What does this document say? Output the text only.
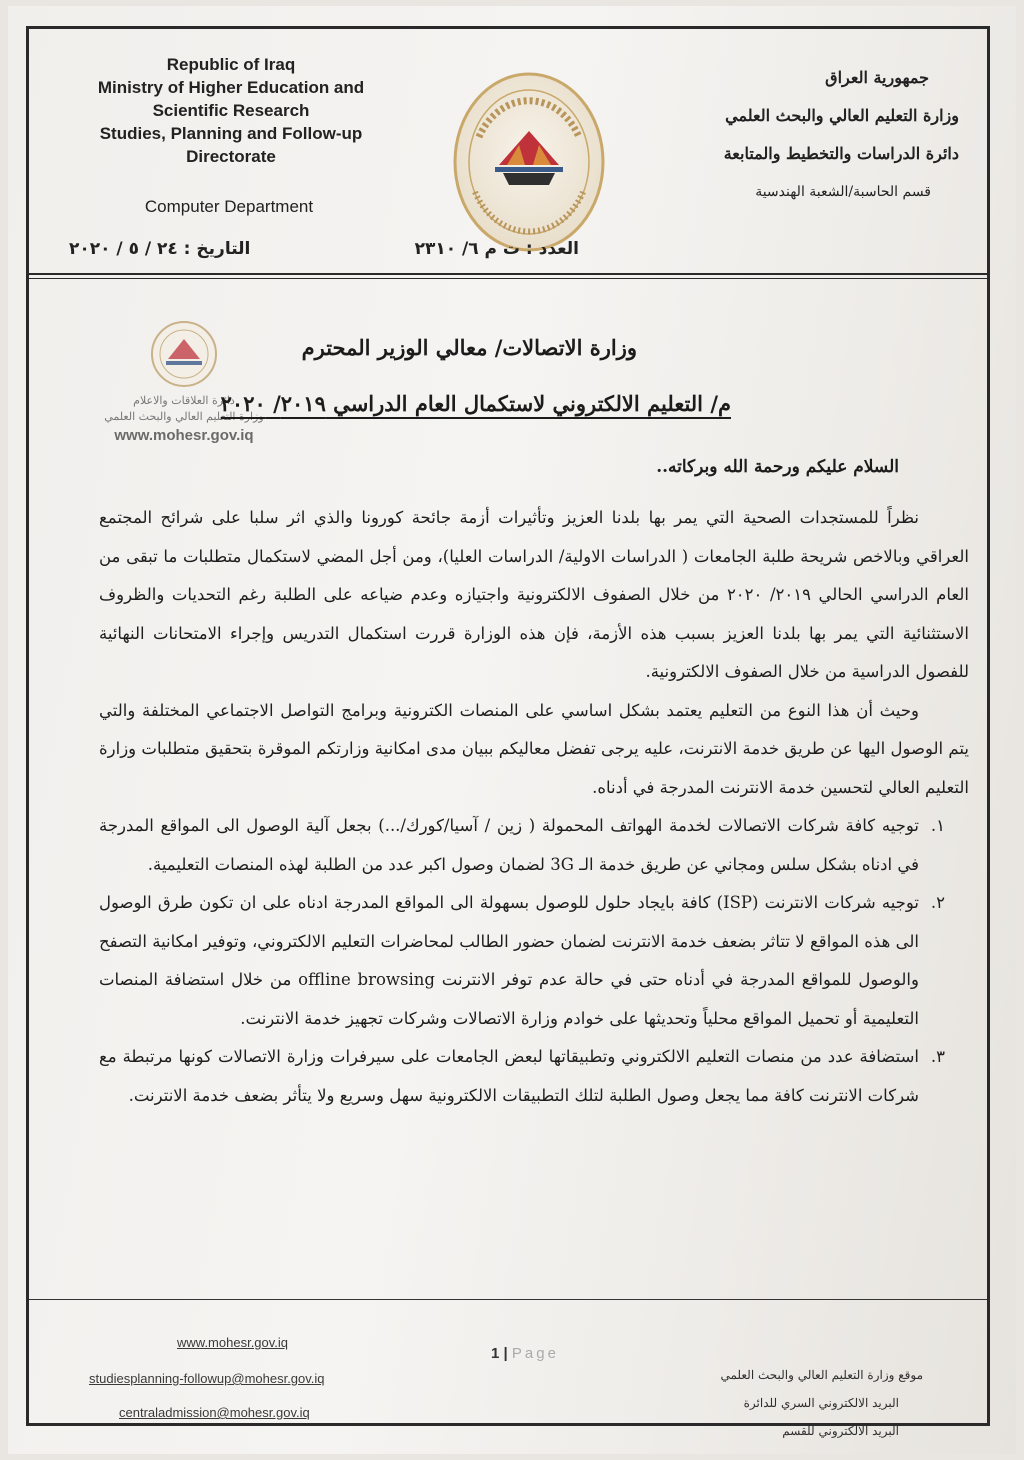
Republic of Iraq
Ministry of Higher Education and
Scientific Research
Studies, Planning and Follow-up
Directorate
Computer Department
جمهورية العراق
وزارة التعليم العالي والبحث العلمي
دائرة الدراسات والتخطيط والمتابعة
قسم الحاسبة/الشعبة الهندسية
العدد : ت م ٦/ ٢٣١٠
التاريخ : ٢٤ / ٥ / ٢٠٢٠
دائرة العلاقات والاعلام
وزارة التعليم العالي والبحث العلمي
www.mohesr.gov.iq
وزارة الاتصالات/ معالي الوزير المحترم
م/ التعليم الالكتروني لاستكمال العام الدراسي ٢٠١٩/ ٢٠٢٠
السلام عليكم ورحمة الله وبركاته..

نظراً للمستجدات الصحية التي يمر بها بلدنا العزيز وتأثيرات أزمة جائحة كورونا والذي اثر سلبا على شرائح المجتمع العراقي وبالاخص شريحة طلبة الجامعات ( الدراسات الاولية/ الدراسات العليا)، ومن أجل المضي لاستكمال متطلبات ما تبقى من العام الدراسي الحالي ٢٠١٩/ ٢٠٢٠ من خلال الصفوف الالكترونية واجتيازه وعدم ضياعه على الطلبة رغم التحديات والظروف الاستثنائية التي يمر بها بلدنا العزيز بسبب هذه الأزمة، فإن هذه الوزارة قررت استكمال التدريس وإجراء الامتحانات النهائية للفصول الدراسية من خلال الصفوف الالكترونية.

وحيث أن هذا النوع من التعليم يعتمد بشكل اساسي على المنصات الكترونية وبرامج التواصل الاجتماعي المختلفة والتي يتم الوصول اليها عن طريق خدمة الانترنت، عليه يرجى تفضل معاليكم ببيان مدى امكانية وزارتكم الموقرة بتحقيق متطلبات وزارة التعليم العالي لتحسين خدمة الانترنت المدرجة في أدناه.

١.
توجيه كافة شركات الاتصالات لخدمة الهواتف المحمولة ( زين / آسيا/كورك/...) بجعل آلية الوصول الى المواقع المدرجة في ادناه بشكل سلس ومجاني عن طريق خدمة الـ 3G لضمان وصول اكبر عدد من الطلبة لهذه المنصات التعليمية.
٢.
توجيه شركات الانترنت (ISP) كافة بايجاد حلول للوصول بسهولة الى المواقع المدرجة ادناه على ان تكون طرق الوصول الى هذه المواقع لا تتاثر بضعف خدمة الانترنت لضمان حضور الطالب لمحاضرات التعليم الالكتروني، وتوفير امكانية التصفح والوصول للمواقع المدرجة في أدناه حتى في حالة عدم توفر الانترنت offline browsing من خلال استضافة المنصات التعليمية أو تحميل المواقع محلياً وتحديثها على خوادم وزارة الاتصالات وشركات تجهيز خدمة الانترنت.
٣.
استضافة عدد من منصات التعليم الالكتروني وتطبيقاتها لبعض الجامعات على سيرفرات وزارة الاتصالات كونها مرتبطة مع شركات الانترنت كافة مما يجعل وصول الطلبة لتلك التطبيقات الالكترونية سهل وسريع ولا يتأثر بضعف خدمة الانترنت.
www.mohesr.gov.iq
studiesplanning-followup@mohesr.gov.iq
centraladmission@mohesr.gov.iq
1 | Page
موقع وزارة التعليم العالي والبحث العلمي
البريد الالكتروني السري للدائرة
البريد الالكتروني للقسم
